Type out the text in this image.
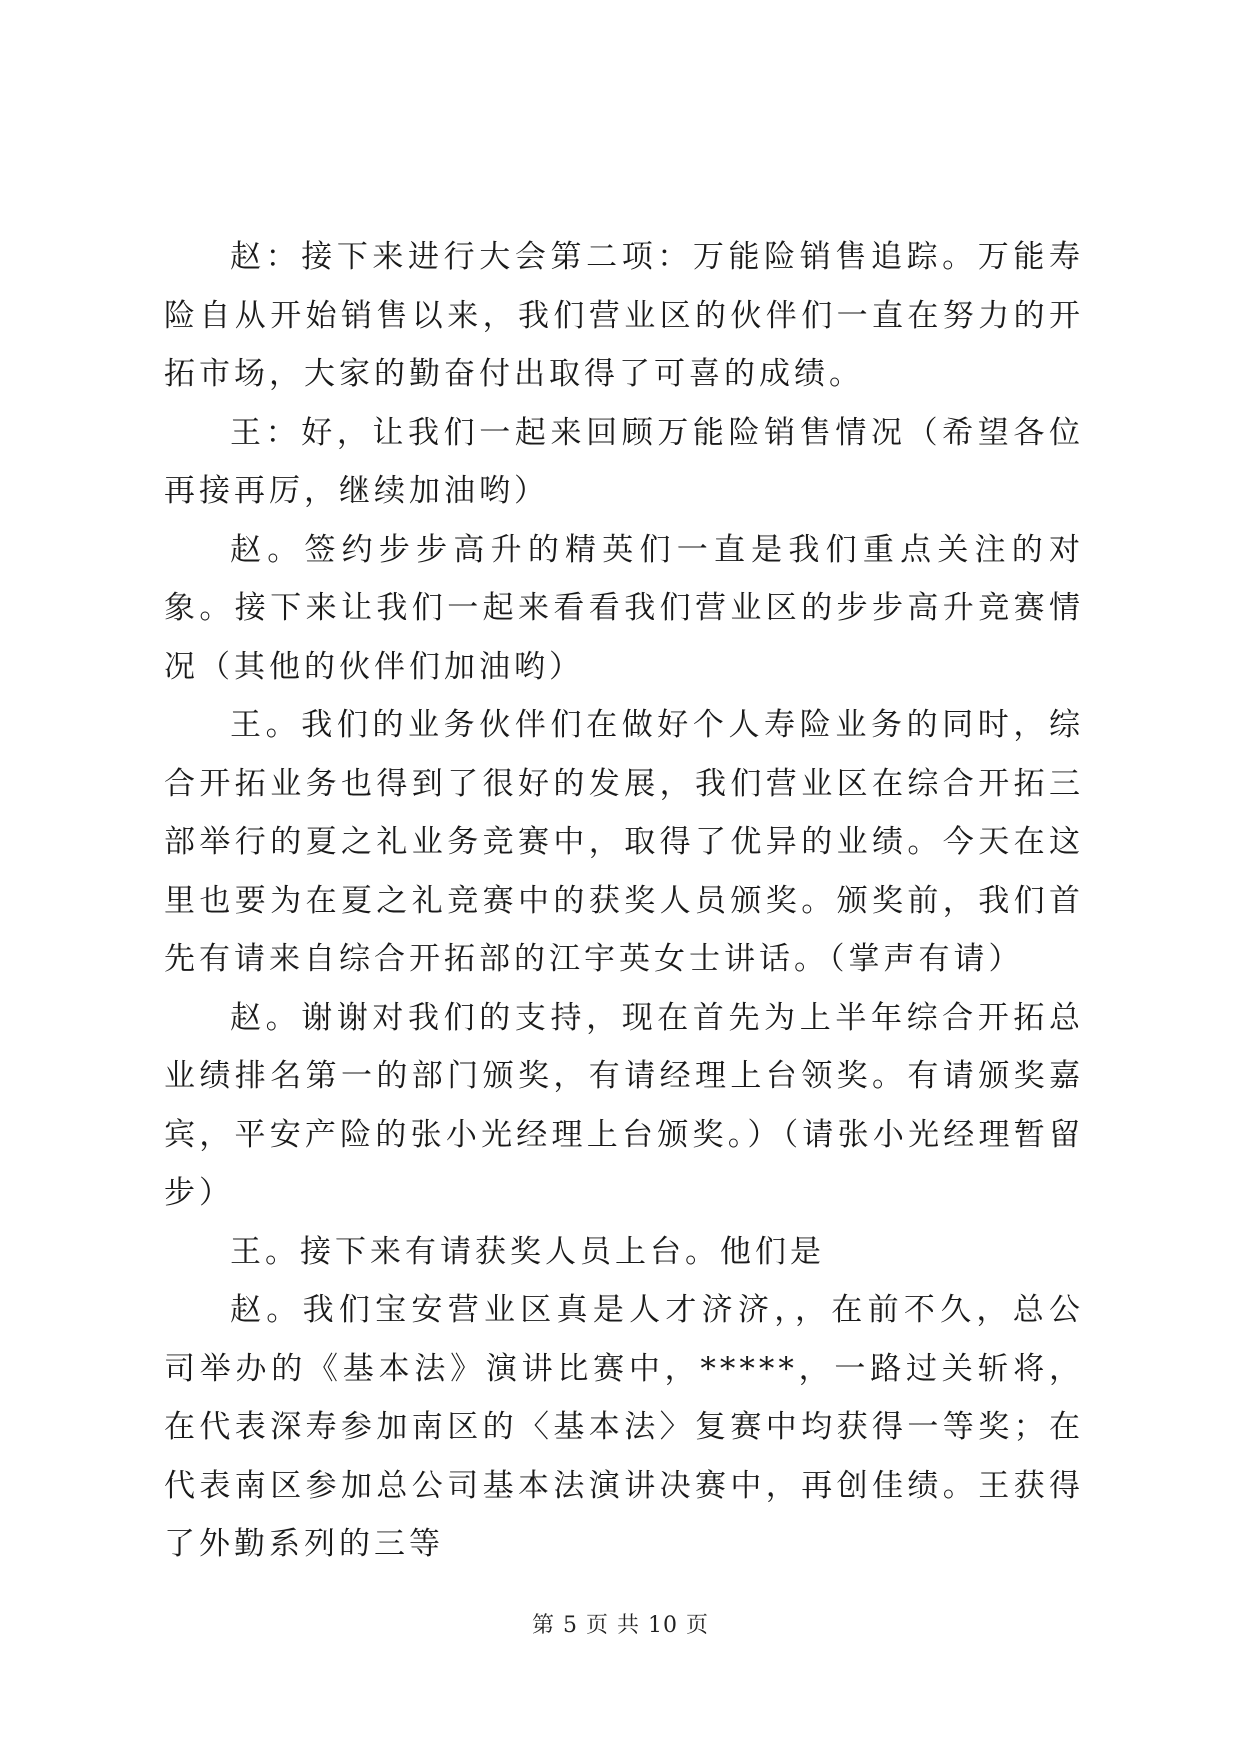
赵：接下来进行大会第二项：万能险销售追踪。万能寿险自从开始销售以来，我们营业区的伙伴们一直在努力的开拓市场，大家的勤奋付出取得了可喜的成绩。

王：好，让我们一起来回顾万能险销售情况（希望各位再接再厉，继续加油哟）

赵。签约步步高升的精英们一直是我们重点关注的对象。接下来让我们一起来看看我们营业区的步步高升竞赛情况（其他的伙伴们加油哟）

王。我们的业务伙伴们在做好个人寿险业务的同时，综合开拓业务也得到了很好的发展，我们营业区在综合开拓三部举行的夏之礼业务竞赛中，取得了优异的业绩。今天在这里也要为在夏之礼竞赛中的获奖人员颁奖。颁奖前，我们首先有请来自综合开拓部的江宇英女士讲话。（掌声有请）

赵。谢谢对我们的支持，现在首先为上半年综合开拓总业绩排名第一的部门颁奖，有请经理上台领奖。有请颁奖嘉宾，平安产险的张小光经理上台颁奖。）（请张小光经理暂留步）

王。接下来有请获奖人员上台。他们是

赵。我们宝安营业区真是人才济济，，在前不久，总公司举办的《基本法》演讲比赛中，*****，一路过关斩将，在代表深寿参加南区的〈基本法〉复赛中均获得一等奖；在代表南区参加总公司基本法演讲决赛中，再创佳绩。王获得了外勤系列的三等

第 5 页 共 10 页
